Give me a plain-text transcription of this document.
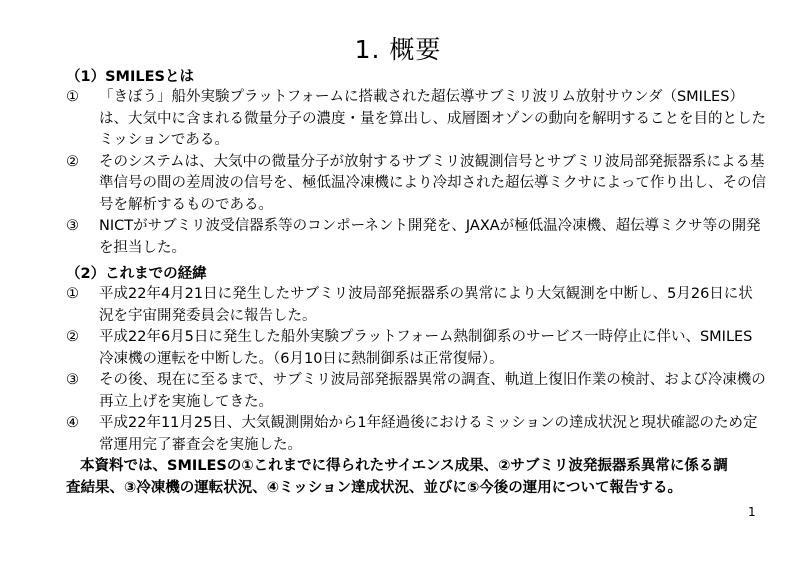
1. 概要
（1）SMILESとは
①	「きぼう」船外実験プラットフォームに搭載された超伝導サブミリ波リム放射サウンダ（SMILES）は、大気中に含まれる微量分子の濃度・量を算出し、成層圏オゾンの動向を解明することを目的としたミッションである。
②	そのシステムは、大気中の微量分子が放射するサブミリ波観測信号とサブミリ波局部発振器系による基準信号の間の差周波の信号を、極低温冷凍機により冷却された超伝導ミクサによって作り出し、その信号を解析するものである。
③	NICTがサブミリ波受信器系等のコンポーネント開発を、JAXAが極低温冷凍機、超伝導ミクサ等の開発を担当した。
（2）これまでの経緯
①	平成22年4月21日に発生したサブミリ波局部発振器系の異常により大気観測を中断し、5月26日に状況を宇宙開発委員会に報告した。
②	平成22年6月5日に発生した船外実験プラットフォーム熱制御系のサービス一時停止に伴い、SMILES冷凍機の運転を中断した。（6月10日に熱制御系は正常復帰）。
③	その後、現在に至るまで、サブミリ波局部発振器異常の調査、軌道上復旧作業の検討、および冷凍機の再立上げを実施してきた。
④	平成22年11月25日、大気観測開始から1年経過後におけるミッションの達成状況と現状確認のため定常運用完了審査会を実施した。
本資料では、SMILESの①これまでに得られたサイエンス成果、②サブミリ波発振器系異常に係る調査結果、③冷凍機の運転状況、④ミッション達成状況、並びに⑤今後の運用について報告する。
1
